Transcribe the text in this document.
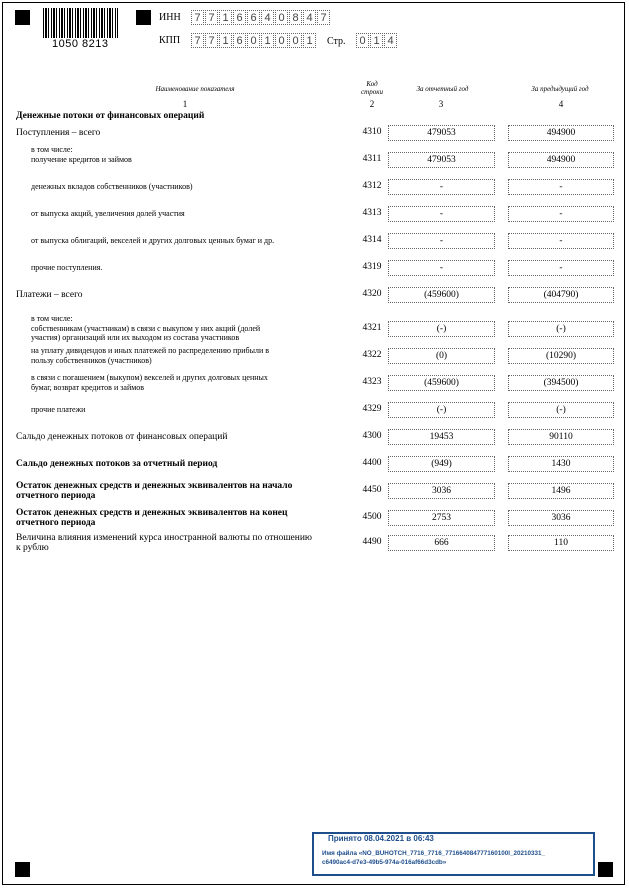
1050 8213
ИНН	7 7 1 6 6 4 0 8 4 7
КПП	7 7 1 6 0 1 0 0 1	Стр.	0 1 4
Наименование показателя
Код
строки	За отчетный год	За предыдущий год
1	2	3	4
Денежные потоки от финансовых операций
Поступления – всего	4310	479053	494900
в том числе:
получение кредитов и займов	4311	479053	494900
денежных вкладов собственников (участников)	4312	-	-
от выпуска акций, увеличения долей участия	4313	-	-
от выпуска облигаций, векселей и других долговых ценных бумаг и др.	4314	-	-
прочие поступления.	4319	-	-
Платежи – всего	4320	(459600)	(404790)
в том числе:
собственникам (участникам) в связи с выкупом у них акций (долей
участия) организаций или их выходом из состава участников
4321	(-)	(-)
на уплату дивидендов и иных платежей по распределению прибыли в
пользу собственников (участников)	4322	(0)	(10290)
в связи с погашением (выкупом) векселей и других долговых ценных
бумаг, возврат кредитов и займов	4323	(459600)	(394500)
прочие платежи	4329	(-)	(-)
Сальдо денежных потоков от финансовых операций	4300	19453	90110
Сальдо денежных потоков за отчетный период	4400	(949)	1430
Остаток денежных средств и денежных эквивалентов на начало
отчетного периода
4450	3036	1496
Остаток денежных средств и денежных эквивалентов на конец
отчетного периода
4500	2753	3036
Величина влияния изменений курса иностранной валюты по отношению
к рублю
4490	666	110
Принято 08.04.2021 в 06:43
Имя файла «NO_BUHOTCH_7716_7716_771664084777160100l_20210331_
c6490ac4-d7e3-49b5-974a-016af66d3cdb»
